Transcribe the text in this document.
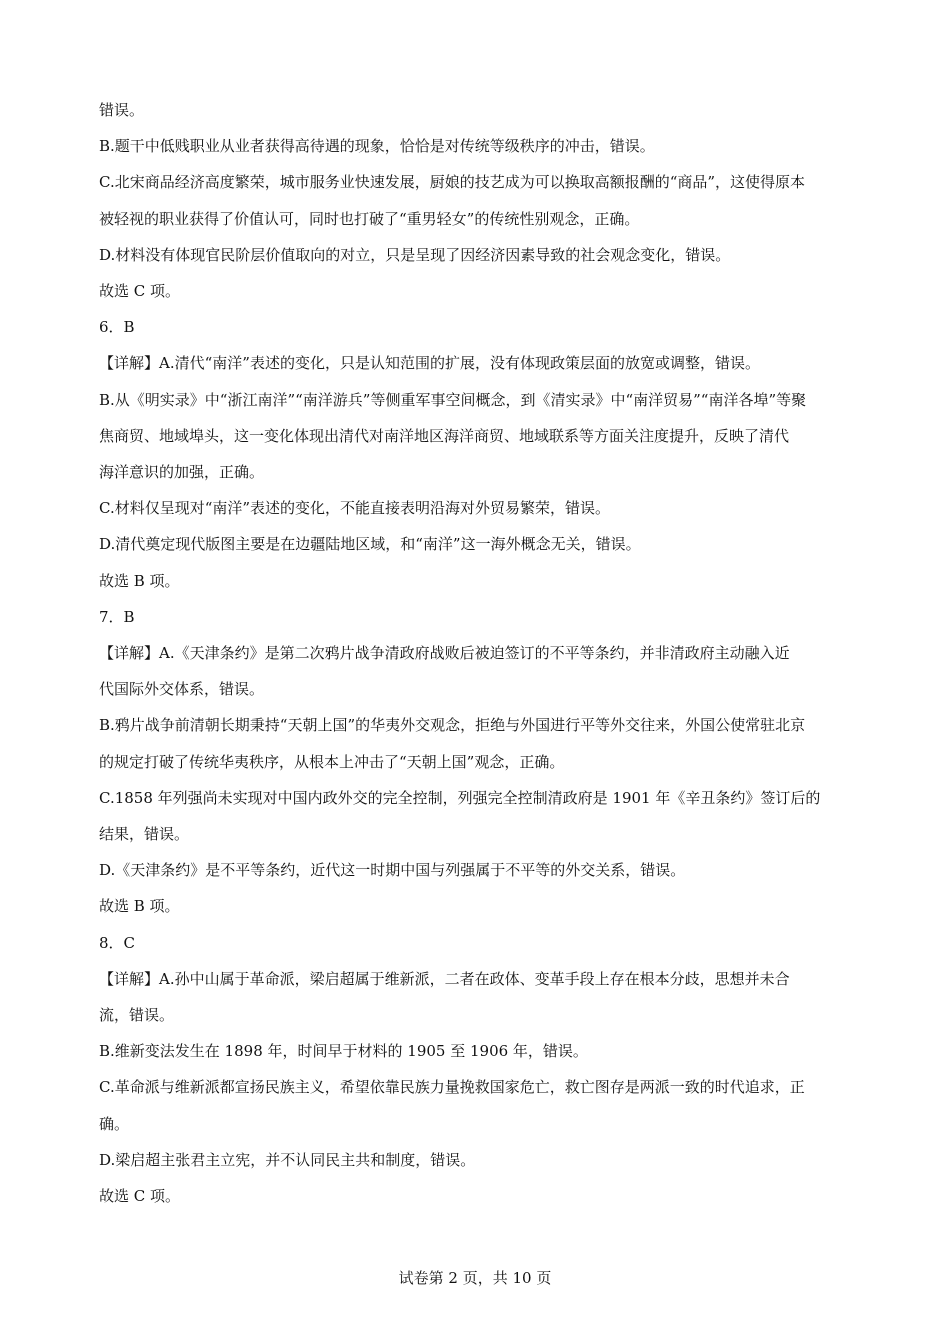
错误。
B.题干中低贱职业从业者获得高待遇的现象，恰恰是对传统等级秩序的冲击，错误。
C.北宋商品经济高度繁荣，城市服务业快速发展，厨娘的技艺成为可以换取高额报酬的“商品”，这使得原本
被轻视的职业获得了价值认可，同时也打破了“重男轻女”的传统性别观念，正确。
D.材料没有体现官民阶层价值取向的对立，只是呈现了因经济因素导致的社会观念变化，错误。
故选 C 项。
6．B
【详解】A.清代“南洋”表述的变化，只是认知范围的扩展，没有体现政策层面的放宽或调整，错误。
B.从《明实录》中“浙江南洋”“南洋游兵”等侧重军事空间概念，到《清实录》中“南洋贸易”“南洋各埠”等聚
焦商贸、地域埠头，这一变化体现出清代对南洋地区海洋商贸、地域联系等方面关注度提升，反映了清代
海洋意识的加强，正确。
C.材料仅呈现对“南洋”表述的变化，不能直接表明沿海对外贸易繁荣，错误。
D.清代奠定现代版图主要是在边疆陆地区域，和“南洋”这一海外概念无关，错误。
故选 B 项。
7．B
【详解】A.《天津条约》是第二次鸦片战争清政府战败后被迫签订的不平等条约，并非清政府主动融入近
代国际外交体系，错误。
B.鸦片战争前清朝长期秉持“天朝上国”的华夷外交观念，拒绝与外国进行平等外交往来，外国公使常驻北京
的规定打破了传统华夷秩序，从根本上冲击了“天朝上国”观念，正确。
C.1858 年列强尚未实现对中国内政外交的完全控制，列强完全控制清政府是 1901 年《辛丑条约》签订后的
结果，错误。
D.《天津条约》是不平等条约，近代这一时期中国与列强属于不平等的外交关系，错误。
故选 B 项。
8．C
【详解】A.孙中山属于革命派，梁启超属于维新派，二者在政体、变革手段上存在根本分歧，思想并未合
流，错误。
B.维新变法发生在 1898 年，时间早于材料的 1905 至 1906 年，错误。
C.革命派与维新派都宣扬民族主义，希望依靠民族力量挽救国家危亡，救亡图存是两派一致的时代追求，正
确。
D.梁启超主张君主立宪，并不认同民主共和制度，错误。
故选 C 项。
试卷第 2 页，共 10 页
